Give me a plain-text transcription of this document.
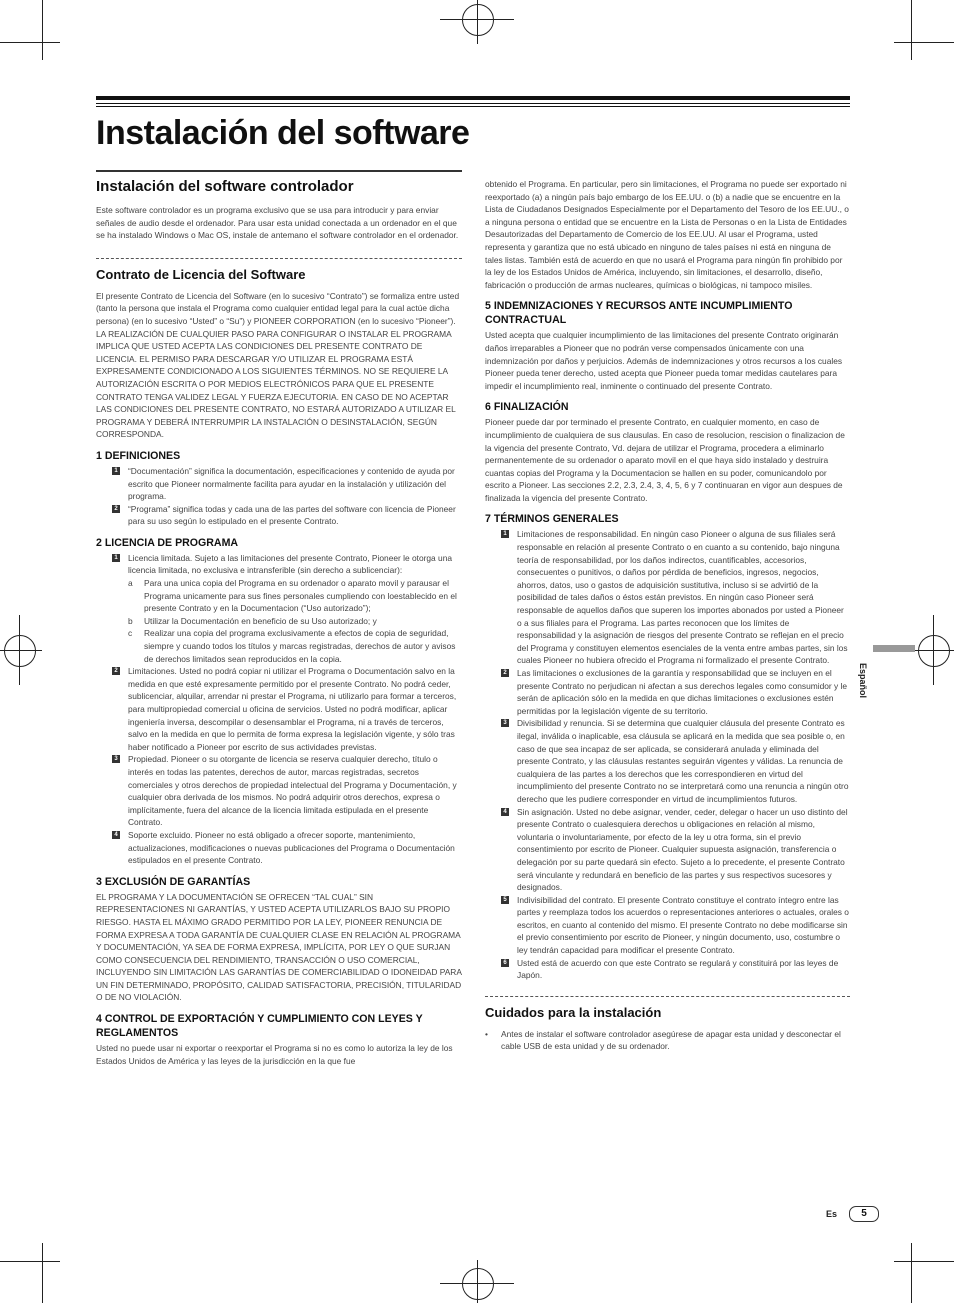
Instalación del software
Instalación del software controlador

Este software controlador es un programa exclusivo que se usa para introducir y para enviar señales de audio desde el ordenador. Para usar esta unidad conectada a un ordenador en el que se ha instalado Windows o Mac OS, instale de antemano el software controlador en el ordenador.

Contrato de Licencia del Software

El presente Contrato de Licencia del Software (en lo sucesivo “Contrato”) se formaliza entre usted (tanto la persona que instala el Programa como cualquier entidad legal para la cual actúe dicha persona) (en lo sucesivo “Usted” o “Su”) y PIONEER CORPORATION (en lo sucesivo “Pioneer”).

LA REALIZACIÓN DE CUALQUIER PASO PARA CONFIGURAR O INSTALAR EL PROGRAMA IMPLICA QUE USTED ACEPTA LAS CONDICIONES DEL PRESENTE CONTRATO DE LICENCIA. EL PERMISO PARA DESCARGAR Y/O UTILIZAR EL PROGRAMA ESTÁ EXPRESAMENTE CONDICIONADO A LOS SIGUIENTES TÉRMINOS. NO SE REQUIERE LA AUTORIZACIÓN ESCRITA O POR MEDIOS ELECTRÓNICOS PARA QUE EL PRESENTE CONTRATO TENGA VALIDEZ LEGAL Y FUERZA EJECUTORIA. EN CASO DE NO ACEPTAR LAS CONDICIONES DEL PRESENTE CONTRATO, NO ESTARÁ AUTORIZADO A UTILIZAR EL PROGRAMA Y DEBERÁ INTERRUMPIR LA INSTALACIÓN O DESINSTALACIÓN, SEGÚN CORRESPONDA.

1 DEFINICIONES
1 “Documentación” significa la documentación, especificaciones y contenido de ayuda por escrito que Pioneer normalmente facilita para ayudar en la instalación y utilización del programa.
2 “Programa” significa todas y cada una de las partes del software con licencia de Pioneer para su uso según lo estipulado en el presente Contrato.
2 LICENCIA DE PROGRAMA
1 Licencia limitada. Sujeto a las limitaciones del presente Contrato, Pioneer le otorga una licencia limitada, no exclusiva e intransferible (sin derecho a sublicenciar):
a Para una unica copia del Programa en su ordenador o aparato movil y parausar el Programa unicamente para sus fines personales cumpliendo con loestablecido en el presente Contrato y en la Documentacion (“Uso autorizado”);
b Utilizar la Documentación en beneficio de su Uso autorizado; y
c Realizar una copia del programa exclusivamente a efectos de copia de seguridad, siempre y cuando todos los títulos y marcas registradas, derechos de autor y avisos de derechos limitados sean reproducidos en la copia.
2 Limitaciones. Usted no podrá copiar ni utilizar el Programa o Documentación salvo en la medida en que esté expresamente permitido por el presente Contrato. No podrá ceder, sublicenciar, alquilar, arrendar ni prestar el Programa, ni utilizarlo para formar a terceros, para multipropiedad comercial u oficina de servicios. Usted no podrá modificar, aplicar ingeniería inversa, descompilar o desensamblar el Programa, ni a través de terceros, salvo en la medida en que lo permita de forma expresa la legislación vigente, y sólo tras haber notificado a Pioneer por escrito de sus actividades previstas.
3 Propiedad. Pioneer o su otorgante de licencia se reserva cualquier derecho, título o interés en todas las patentes, derechos de autor, marcas registradas, secretos comerciales y otros derechos de propiedad intelectual del Programa y Documentación, y cualquier obra derivada de los mismos. No podrá adquirir otros derechos, expresa o implícitamente, fuera del alcance de la licencia limitada estipulada en el presente Contrato.
4 Soporte excluido. Pioneer no está obligado a ofrecer soporte, mantenimiento, actualizaciones, modificaciones o nuevas publicaciones del Programa o Documentación estipulados en el presente Contrato.
3 EXCLUSIÓN DE GARANTÍAS

EL PROGRAMA Y LA DOCUMENTACIÓN SE OFRECEN “TAL CUAL” SIN REPRESENTACIONES NI GARANTÍAS, Y USTED ACEPTA UTILIZARLOS BAJO SU PROPIO RIESGO. HASTA EL MÁXIMO GRADO PERMITIDO POR LA LEY, PIONEER RENUNCIA DE FORMA EXPRESA A TODA GARANTÍA DE CUALQUIER CLASE EN RELACIÓN AL PROGRAMA Y DOCUMENTACIÓN, YA SEA DE FORMA EXPRESA, IMPLÍCITA, POR LEY O QUE SURJAN COMO CONSECUENCIA DEL RENDIMIENTO, TRANSACCIÓN O USO COMERCIAL, INCLUYENDO SIN LIMITACIÓN LAS GARANTÍAS DE COMERCIABILIDAD O IDONEIDAD PARA UN FIN DETERMINADO, PROPÓSITO, CALIDAD SATISFACTORIA, PRECISIÓN, TITULARIDAD O DE NO VIOLACIÓN.

4 CONTROL DE EXPORTACIÓN Y CUMPLIMIENTO CON LEYES Y REGLAMENTOS

Usted no puede usar ni exportar o reexportar el Programa si no es como lo autoriza la ley de los Estados Unidos de América y las leyes de la jurisdicción en la que fue

obtenido el Programa. En particular, pero sin limitaciones, el Programa no puede ser exportado ni reexportado (a) a ningún país bajo embargo de los EE.UU. o (b) a nadie que se encuentre en la Lista de Ciudadanos Designados Especialmente por el Departamento del Tesoro de los EE.UU., o a ninguna persona o entidad que se encuentre en la Lista de Personas o en la Lista de Entidades Desautorizadas del Departamento de Comercio de los EE.UU. Al usar el Programa, usted representa y garantiza que no está ubicado en ninguno de tales países ni está en ninguna de tales listas. También está de acuerdo en que no usará el Programa para ningún fin prohibido por la ley de los Estados Unidos de América, incluyendo, sin limitaciones, el desarrollo, diseño, fabricación o producción de armas nucleares, químicas o biológicas, ni tampoco misiles.

5 INDEMNIZACIONES Y RECURSOS ANTE INCUMPLIMIENTO CONTRACTUAL

Usted acepta que cualquier incumplimiento de las limitaciones del presente Contrato originarán daños irreparables a Pioneer que no podrán verse compensados únicamente con una indemnización por daños y perjuicios. Además de indemnizaciones y otros recursos a los cuales Pioneer pueda tener derecho, usted acepta que Pioneer pueda tomar medidas cautelares para impedir el incumplimiento real, inminente o continuado del presente Contrato.

6 FINALIZACIÓN

Pioneer puede dar por terminado el presente Contrato, en cualquier momento, en caso de incumplimiento de cualquiera de sus clausulas. En caso de resolucion, rescision o finalizacion de la vigencia del presente Contrato, Vd. dejara de utilizar el Programa, procedera a eliminarlo permanentemente de su ordenador o aparato movil en el que haya sido instalado y destruira cuantas copias del Programa y la Documentacion se hallen en su poder, comunicandolo por escrito a Pioneer. Las secciones 2.2, 2.3, 2.4, 3, 4, 5, 6 y 7 continuaran en vigor aun despues de finalizada la vigencia del presente Contrato.

7 TÉRMINOS GENERALES
1 Limitaciones de responsabilidad. En ningún caso Pioneer o alguna de sus filiales será responsable en relación al presente Contrato o en cuanto a su contenido, bajo ninguna teoría de responsabilidad, por los daños indirectos, cuantificables, accesorios, consecuentes o punitivos, o daños por pérdida de beneficios, ingresos, negocios, ahorros, datos, uso o gastos de adquisición sustitutiva, incluso si se advirtió de la posibilidad de tales daños o éstos están previstos. En ningún caso Pioneer será responsable de aquellos daños que superen los importes abonados por usted a Pioneer o a sus filiales para el Programa. Las partes reconocen que los límites de responsabilidad y la asignación de riesgos del presente Contrato se reflejan en el precio del Programa y constituyen elementos esenciales de la venta entre ambas partes, sin los cuales Pioneer no hubiera ofrecido el Programa ni formalizado el presente Contrato.
2 Las limitaciones o exclusiones de la garantía y responsabilidad que se incluyen en el presente Contrato no perjudican ni afectan a sus derechos legales como consumidor y le serán de aplicación sólo en la medida en que dichas limitaciones o exclusiones estén permitidas por la legislación vigente de su territorio.
3 Divisibilidad y renuncia. Si se determina que cualquier cláusula del presente Contrato es ilegal, inválida o inaplicable, esa cláusula se aplicará en la medida que sea posible o, en caso de que sea incapaz de ser aplicada, se considerará anulada y eliminada del presente Contrato, y las cláusulas restantes seguirán vigentes y válidas. La renuncia de cualquiera de las partes a los derechos que les correspondieren en virtud del incumplimiento del presente Contrato no se interpretará como una renuncia a ningún otro derecho que les pudiere corresponder en virtud de incumplimientos futuros.
4 Sin asignación. Usted no debe asignar, vender, ceder, delegar o hacer un uso distinto del presente Contrato o cualesquiera derechos u obligaciones en relación al mismo, voluntaria o involuntariamente, por efecto de la ley u otra forma, sin el previo consentimiento por escrito de Pioneer. Cualquier supuesta asignación, transferencia o delegación por su parte quedará sin efecto. Sujeto a lo precedente, el presente Contrato será vinculante y redundará en beneficio de las partes y sus respectivos sucesores y designados.
5 Indivisibilidad del contrato. El presente Contrato constituye el contrato íntegro entre las partes y reemplaza todos los acuerdos o representaciones anteriores o actuales, orales o escritos, en cuanto al contenido del mismo. El presente Contrato no debe modificarse sin el previo consentimiento por escrito de Pioneer, y ningún documento, uso, costumbre o ley tendrán capacidad para modificar el presente Contrato.
6 Usted está de acuerdo con que este Contrato se regulará y constituirá por las leyes de Japón.
Cuidados para la instalación
• Antes de instalar el software controlador asegúrese de apagar esta unidad y desconectar el cable USB de esta unidad y de su ordenador.
Español
Es	5
